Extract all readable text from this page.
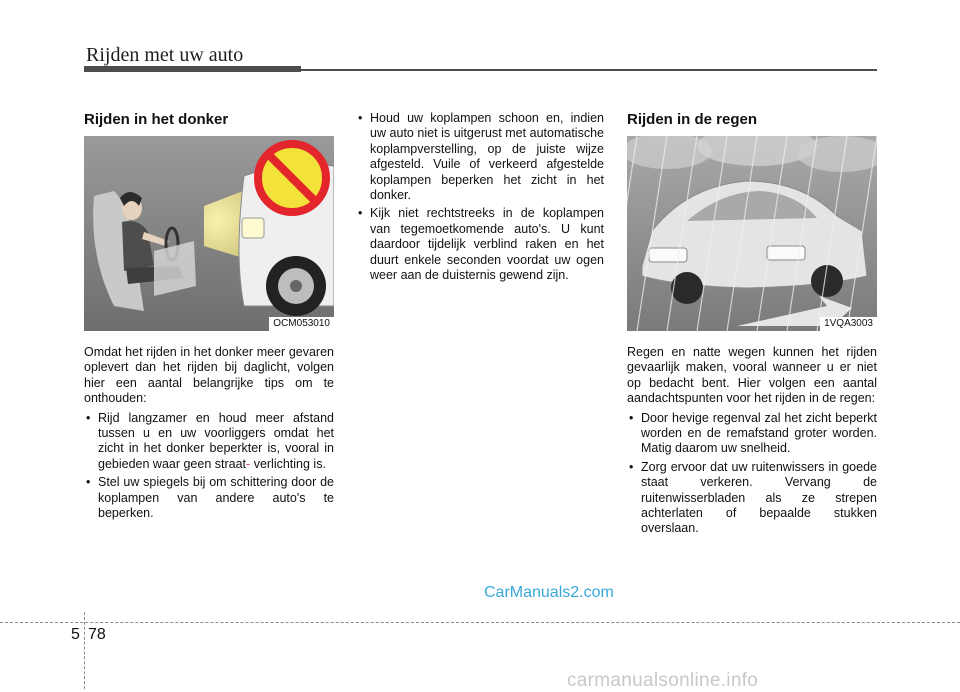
Rijden met uw auto
Rijden in het donker
OCM053010

Omdat het rijden in het donker meer gevaren oplevert dan het rijden bij daglicht, volgen hier een aantal belangrijke tips om te onthouden:

• Rijd langzamer en houd meer afstand tussen u en uw voorliggers omdat het zicht in het donker beperkter is, vooral in gebieden waar geen straat- verlichting is.
• Stel uw spiegels bij om schittering door de koplampen van andere auto's te beperken.
• Houd uw koplampen schoon en, indien uw auto niet is uitgerust met automatische koplampverstelling, op de juiste wijze afgesteld. Vuile of verkeerd afgestelde koplampen beperken het zicht in het donker.
• Kijk niet rechtstreeks in de koplampen van tegemoetkomende auto's. U kunt daardoor tijdelijk verblind raken en het duurt enkele seconden voordat uw ogen weer aan de duisternis gewend zijn.
Rijden in de regen
1VQA3003

Regen en natte wegen kunnen het rijden gevaarlijk maken, vooral wanneer u er niet op bedacht bent. Hier volgen een aantal aandachtspunten voor het rijden in de regen:

• Door hevige regenval zal het zicht beperkt worden en de remafstand groter worden. Matig daarom uw snelheid.
• Zorg ervoor dat uw ruitenwissers in goede staat verkeren. Vervang de ruitenwisserbladen als ze strepen achterlaten of bepaalde stukken overslaan.
CarManuals2.com
5 78
carmanualsonline.info
